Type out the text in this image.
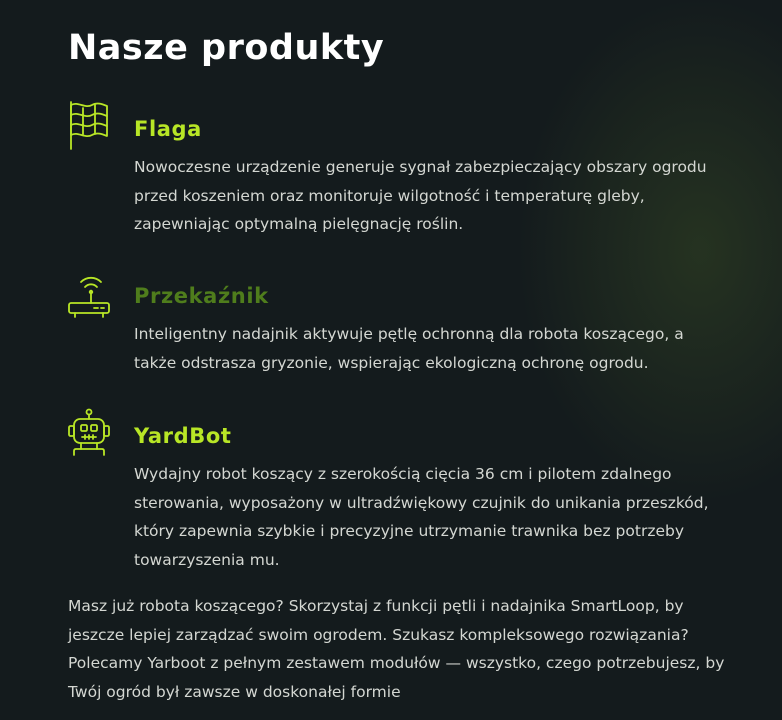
Nasze produkty
Flaga

Nowoczesne urządzenie generuje sygnał zabezpieczający obszary ogrodu przed koszeniem oraz monitoruje wilgotność i temperaturę gleby, zapewniając optymalną pielęgnację roślin.

Przekaźnik

Inteligentny nadajnik aktywuje pętlę ochronną dla robota koszącego, a także odstrasza gryzonie, wspierając ekologiczną ochronę ogrodu.

YardBot

Wydajny robot koszący z szerokością cięcia 36 cm i pilotem zdalnego sterowania, wyposażony w ultradźwiękowy czujnik do unikania przeszkód, który zapewnia szybkie i precyzyjne utrzymanie trawnika bez potrzeby towarzyszenia mu.

Masz już robota koszącego? Skorzystaj z funkcji pętli i nadajnika SmartLoop, by jeszcze lepiej zarządzać swoim ogrodem. Szukasz kompleksowego rozwiązania? Polecamy Yarboot z pełnym zestawem modułów — wszystko, czego potrzebujesz, by Twój ogród był zawsze w doskonałej formie
